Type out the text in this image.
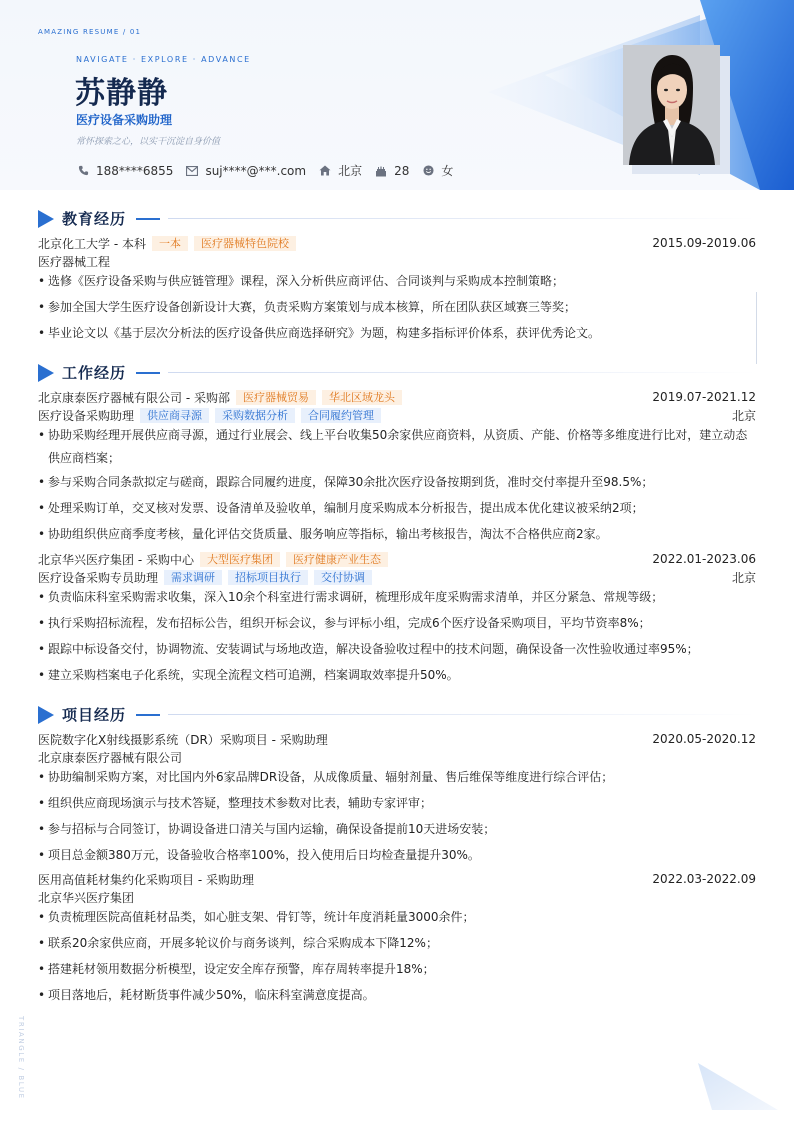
AMAZING RESUME / 01
NAVIGATE · EXPLORE · ADVANCE
苏静静
医疗设备采购助理
常怀探索之心，以实干沉淀自身价值
188****6855	suj****@***.com	北京	28	女
教育经历
北京化工大学 - 本科	一本	医疗器械特色院校	2015.09-2019.06
医疗器械工程
• 选修《医疗设备采购与供应链管理》课程，深入分析供应商评估、合同谈判与采购成本控制策略；
• 参加全国大学生医疗设备创新设计大赛，负责采购方案策划与成本核算，所在团队获区域赛三等奖；
• 毕业论文以《基于层次分析法的医疗设备供应商选择研究》为题，构建多指标评价体系，获评优秀论文。
工作经历
北京康泰医疗器械有限公司 - 采购部	医疗器械贸易	华北区域龙头	2019.07-2021.12
医疗设备采购助理	供应商寻源	采购数据分析	合同履约管理	北京
• 协助采购经理开展供应商寻源，通过行业展会、线上平台收集50余家供应商资料，从资质、产能、价格等多维度进行比对，建立动态
供应商档案；
• 参与采购合同条款拟定与磋商，跟踪合同履约进度，保障30余批次医疗设备按期到货，准时交付率提升至98.5%；
• 处理采购订单，交叉核对发票、设备清单及验收单，编制月度采购成本分析报告，提出成本优化建议被采纳2项；
• 协助组织供应商季度考核，量化评估交货质量、服务响应等指标，输出考核报告，淘汰不合格供应商2家。
北京华兴医疗集团 - 采购中心	大型医疗集团	医疗健康产业生态	2022.01-2023.06
医疗设备采购专员助理	需求调研	招标项目执行	交付协调	北京
• 负责临床科室采购需求收集，深入10余个科室进行需求调研，梳理形成年度采购需求清单，并区分紧急、常规等级；
• 执行采购招标流程，发布招标公告，组织开标会议，参与评标小组，完成6个医疗设备采购项目，平均节资率8%；
• 跟踪中标设备交付，协调物流、安装调试与场地改造，解决设备验收过程中的技术问题，确保设备一次性验收通过率95%；
• 建立采购档案电子化系统，实现全流程文档可追溯，档案调取效率提升50%。
项目经历
医院数字化X射线摄影系统（DR）采购项目 - 采购助理	2020.05-2020.12
北京康泰医疗器械有限公司
• 协助编制采购方案，对比国内外6家品牌DR设备，从成像质量、辐射剂量、售后维保等维度进行综合评估；
• 组织供应商现场演示与技术答疑，整理技术参数对比表，辅助专家评审；
• 参与招标与合同签订，协调设备进口清关与国内运输，确保设备提前10天进场安装；
• 项目总金额380万元，设备验收合格率100%，投入使用后日均检查量提升30%。
医用高值耗材集约化采购项目 - 采购助理	2022.03-2022.09
北京华兴医疗集团
• 负责梳理医院高值耗材品类，如心脏支架、骨钉等，统计年度消耗量3000余件；
• 联系20余家供应商，开展多轮议价与商务谈判，综合采购成本下降12%；
• 搭建耗材领用数据分析模型，设定安全库存预警，库存周转率提升18%；
• 项目落地后，耗材断货事件减少50%，临床科室满意度提高。
TRIANGLE / BLUE
